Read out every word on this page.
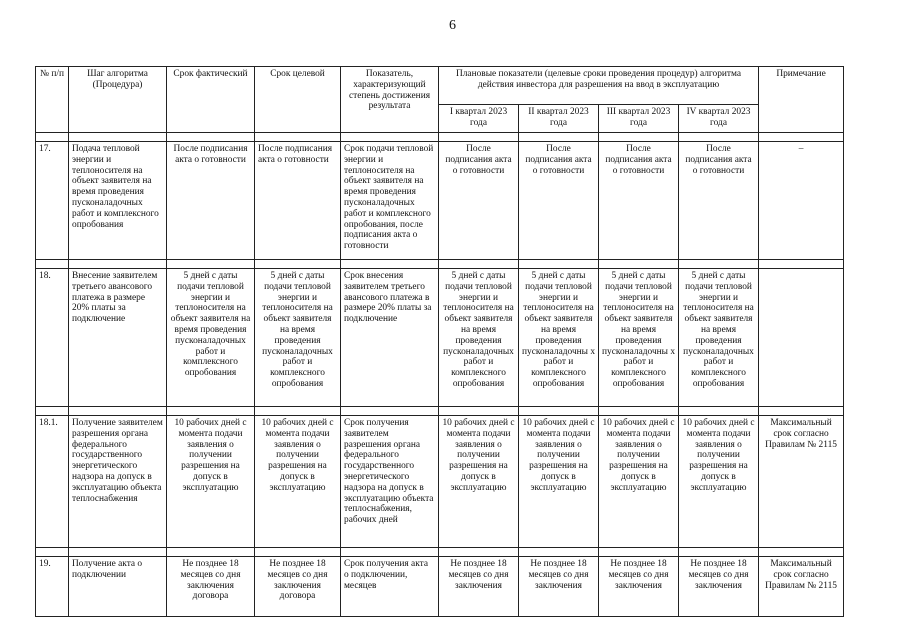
6
№ п/п	Шаг алгоритма (Процедура)	Срок фактический	Срок целевой	Показатель, характеризующий степень достижения результата	Плановые показатели (целевые сроки проведения процедур) алгоритма действия инвестора для разрешения на ввод в эксплуатацию				Примечание
					I квартал 2023 года	II квартал 2023 года	III квартал 2023 года	IV квартал 2023 года	

17.	Подача тепловой энергии и теплоносителя на объект заявителя на время проведения пусконаладочных работ и комплексного опробования	После подписания акта о готовности	После подписания акта о готовности	Срок подачи тепловой энергии и теплоносителя на объект заявителя на время проведения пусконаладочных работ и комплексного опробования, после подписания акта о готовности	После подписания акта о готовности	После подписания акта о готовности	После подписания акта о готовности	После подписания акта о готовности	–

18.	Внесение заявителем третьего авансового платежа в размере 20% платы за подключение	5 дней с даты подачи тепловой энергии и теплоносителя на объект заявителя на время проведения пусконаладочных работ и комплексного опробования	5 дней с даты подачи тепловой энергии и теплоносителя на объект заявителя на время проведения пусконаладочных работ и комплексного опробования	Срок внесения заявителем третьего авансового платежа в размере 20% платы за подключение	5 дней с даты подачи тепловой энергии и теплоносителя на объект заявителя на время проведения пусконаладочных работ и комплексного опробования	5 дней с даты подачи тепловой энергии и теплоносителя на объект заявителя на время проведения пусконаладочны х работ и комплексного опробования	5 дней с даты подачи тепловой энергии и теплоносителя на объект заявителя на время проведения пусконаладочны х работ и комплексного опробования	5 дней с даты подачи тепловой энергии и теплоносителя на объект заявителя на время проведения пусконаладочных работ и комплексного опробования	

18.1.	Получение заявителем разрешения органа федерального государственного энергетического надзора на допуск в эксплуатацию объекта теплоснабжения	10 рабочих дней с момента подачи заявления о получении разрешения на допуск в эксплуатацию	10 рабочих дней с момента подачи заявления о получении разрешения на допуск в эксплуатацию	Срок получения заявителем разрешения органа федерального государственного энергетического надзора на допуск в эксплуатацию объекта теплоснабжения, рабочих дней	10 рабочих дней с момента подачи заявления о получении разрешения на допуск в эксплуатацию	10 рабочих дней с момента подачи заявления о получении разрешения на допуск в эксплуатацию	10 рабочих дней с момента подачи заявления о получении разрешения на допуск в эксплуатацию	10 рабочих дней с момента подачи заявления о получении разрешения на допуск в эксплуатацию	Максимальный срок согласно Правилам № 2115

19.	Получение акта о подключении	Не позднее 18 месяцев со дня заключения договора	Не позднее 18 месяцев со дня заключения договора	Срок получения акта о подключении, месяцев	Не позднее 18 месяцев со дня заключения	Не позднее 18 месяцев со дня заключения	Не позднее 18 месяцев со дня заключения	Не позднее 18 месяцев со дня заключения	Максимальный срок согласно Правилам № 2115
